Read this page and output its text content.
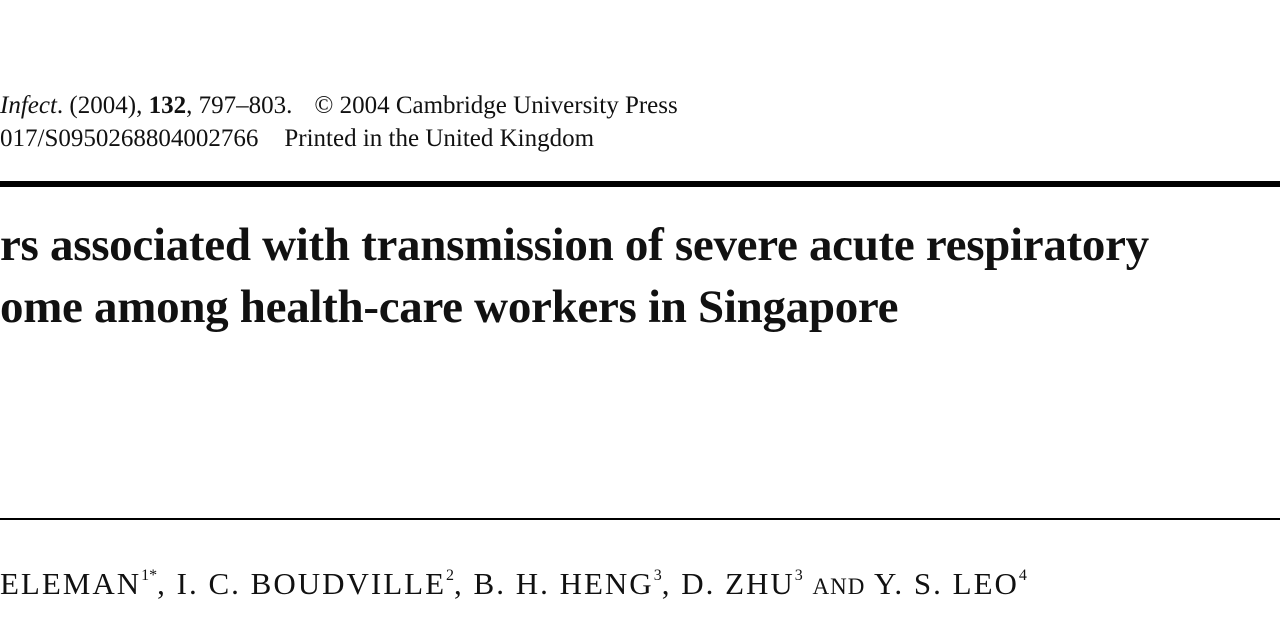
Infect. (2004), 132, 797–803. © 2004 Cambridge University Press
017/S0950268804002766 Printed in the United Kingdom
rs associated with transmission of severe acute respiratory
ome among health-care workers in Singapore
$ELEMAN^{1*}$, I. C. BOUDVILLE$^2$, B. H. HENG$^3$, D. ZHU$^3$ AND Y. S. LEO$^4$
